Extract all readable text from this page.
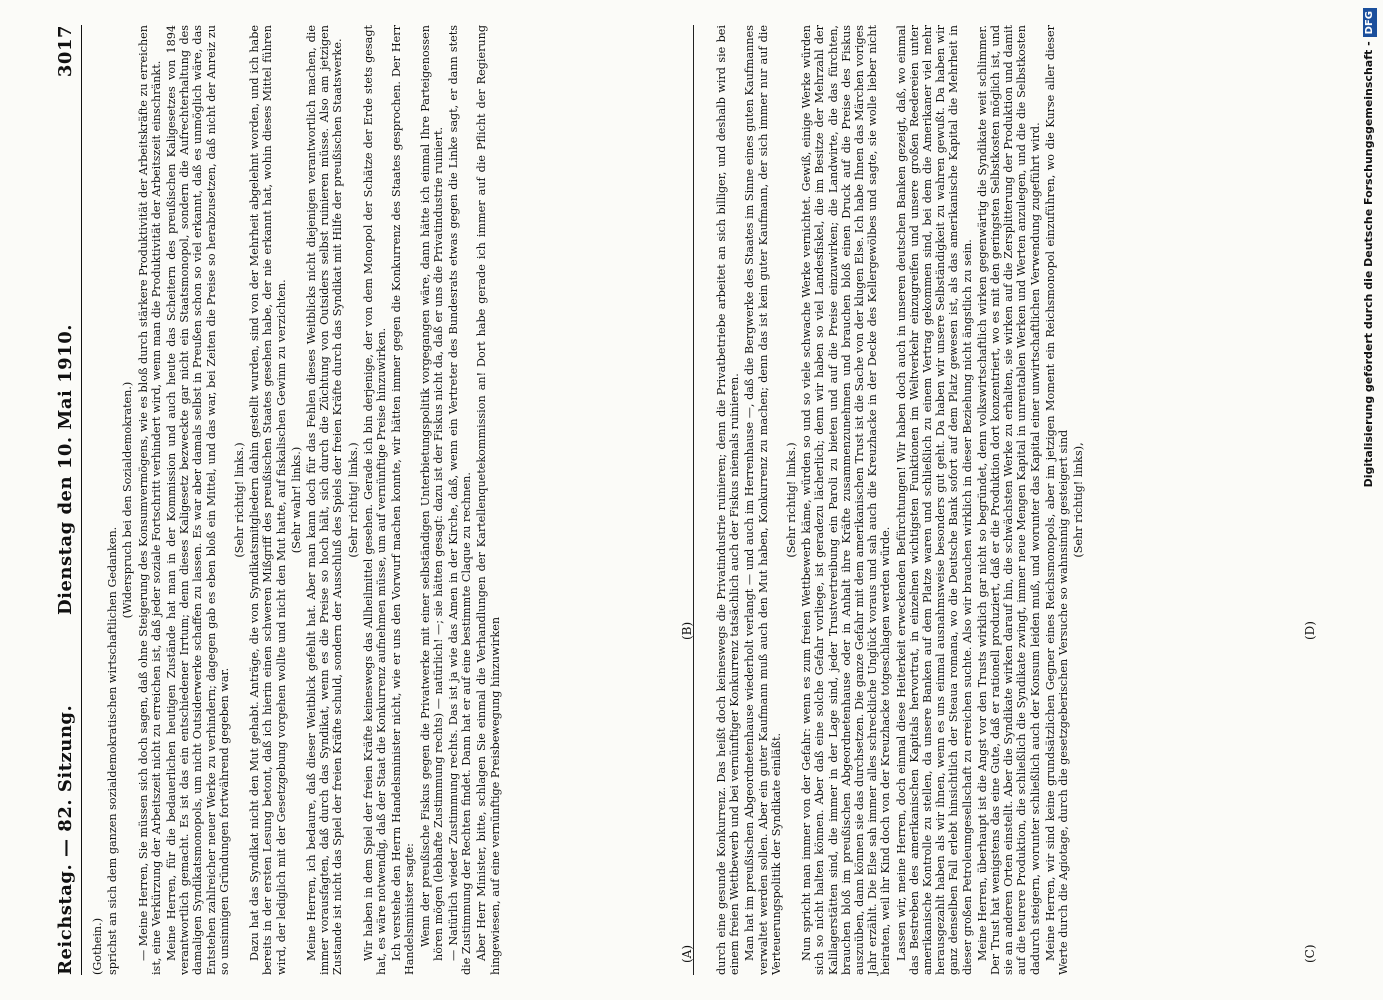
Reichstag. — 82. Sitzung.
Dienstag den 10. Mai 1910.
3017

(Gothein.) sprichst an sich dem ganzen sozialdemokratischen wirtschaftlichen Gedanken.

(Widerspruch bei den Sozialdemokraten.) — Meine Herren, Sie müssen sich doch sagen, daß ohne Steigerung des Konsumvermögens, wie es bloß durch stärkere Produktivität der Arbeitskräfte zu erreichen ist, eine Verkürzung der Arbeitszeit nicht zu erreichen ist, daß jeder soziale Fortschritt verhindert wird, wenn man die Produktivität der Arbeitszeit einschränkt. Meine Herren, für die bedauerlichen heutigen Zustände hat man in der Kommission und auch heute das Scheitern des preußischen Kaligesetzes von 1894 verantwortlich gemacht. Es ist das ein entschiedener Irrtum; denn dieses Kaligesetz bezweckte gar nicht ein Staatsmonopol, sondern die Aufrechterhaltung des damaligen Syndikatsmonopols, um nicht Outsiderwerke schaffen zu lassen. Es war aber damals selbst in Preußen schon so viel erkannt, daß es unmöglich wäre, das Entstehen zahlreicher neuer Werke zu verhindern; dagegen gab es eben bloß ein Mittel, und das war, bei Zeiten die Preise so herabzusetzen, daß nicht der Anreiz zu so unsinnigen Gründungen fortwährend gegeben war.

(Sehr richtig! links.) Dazu hat das Syndikat nicht den Mut gehabt. Anträge, die von Syndikatsmitgliedern dahin gestellt wurden, sind von der Mehrheit abgelehnt worden, und ich habe bereits in der ersten Lesung betont, daß ich hierin einen schweren Mißgriff des preußischen Staates gesehen habe, der nie erkannt hat, wohin dieses Mittel führen wird, der lediglich mit der Gesetzgebung vorgehen wollte und nicht den Mut hatte, auf fiskalischen Gewinn zu verzichten. (Sehr wahr! links.) Meine Herren, ich bedaure, daß dieser Weitblick gefehlt hat. Aber man kann doch für das Fehlen dieses Weitblicks nicht diejenigen verantwortlich machen, die immer vorausfagten, daß durch das Syndikat, wenn es die Preise so hoch hält, sich durch die Züchtung von Outsiders selbst ruinieren müsse. Also am jetzigen Zustande ist nicht das Spiel der freien Kräfte schuld, sondern der Ausschluß des Spiels der freien Kräfte durch das Syndikat mit Hilfe der preußischen Staatswerke. (Sehr richtig! links.) Wir haben in dem Spiel der freien Kräfte keineswegs das Allheilmittel gesehen. Gerade ich bin derjenige, der von dem Monopol der Schätze der Erde stets gesagt hat, es wäre notwendig, daß der Staat die Konkurrenz aufnehmen müsse, um auf vernünftige Preise hinzuwirken. Ich verstehe den Herrn Handelsminister nicht, wie er uns den Vorwurf machen konnte, wir hätten immer gegen die Konkurrenz des Staates gesprochen. Der Herr Handelsminister sagte: Wenn der preußische Fiskus gegen die Privatwerke mit einer selbständigen Unterbietungspolitik vorgegangen wäre, dann hätte ich einmal Ihre Parteigenossen hören mögen (lebhafte Zustimmung rechts) — natürlich! —; sie hätten gesagt: dazu ist der Fiskus nicht da, daß er uns die Privatindustrie ruiniert. — Natürlich wieder Zustimmung rechts. Das ist ja wie das Amen in der Kirche, daß, wenn ein Vertreter des Bundesrats etwas gegen die Linke sagt, er dann stets die Zustimmung der Rechten findet. Dann hat er auf eine bestimmte Claque zu rechnen. Aber Herr Minister, bitte, schlagen Sie einmal die Verhandlungen der Kartellenquetekommission an! Dort habe gerade ich immer auf die Pflicht der Regierung hingewiesen, auf eine vernünftige Preisbewegung hinzuwirken	durch eine gesunde Konkurrenz. Das heißt doch keineswegs die Privatindustrie ruinieren; denn die Privatbetriebe arbeitet an sich billiger, und deshalb wird sie bei einem freien Wettbewerb und bei vernünftiger Konkurrenz tatsächlich auch der Fiskus niemals ruinieren. Man hat im preußischen Abgeordnetenhause wiederholt verlangt — und auch im Herrenhause —, daß die Bergwerke des Staates im Sinne eines guten Kaufmannes verwaltet werden sollen. Aber ein guter Kaufmann muß auch den Mut haben, Konkurrenz zu machen; denn das ist kein guter Kaufmann, der sich immer nur auf die Verteuerungspolitik der Syndikate einläßt.

(Sehr richtig! links.) Nun spricht man immer von der Gefahr: wenn es zum freien Wettbewerb käme, würden so und so viele schwache Werke vernichtet. Gewiß, einige Werke würden sich so nicht halten können. Aber daß eine solche Gefahr vorliege, ist geradezu lächerlich; denn wir haben so viel Landesfiskel, die im Besitze der Mehrzahl der Kalilagerstätten sind, die immer in der Lage sind, jeder Trustvertreibung ein Paroli zu bieten und auf die Preise einzuwirken; die Landwirte, die das fürchten, brauchen bloß im preußischen Abgeordnetenhause oder in Anhalt ihre Kräfte zusammenzunehmen und brauchen bloß einen Druck auf die Preise des Fiskus auszuüben, dann können sie das durchsetzen. Die ganze Gefahr mit dem amerikanischen Trust ist die Sache von der klugen Else. Ich habe Ihnen das Märchen voriges Jahr erzählt. Die Else sah immer alles schreckliche Unglück voraus und sah auch die Kreuzhacke in der Decke des Kellergewölbes und sagte, sie wolle lieber nicht heiraten, weil ihr Kind doch von der Kreuzhacke totgeschlagen werden würde. Lassen wir, meine Herren, doch einmal diese Heiterkeit erweckenden Befürchtungen! Wir haben doch auch in unseren deutschen Banken gezeigt, daß, wo einmal das Bestreben des amerikanischen Kapitals hervortrat, in einzelnen wichtigsten Funktionen im Weltverkehr einzugreifen und unsere großen Reedereien unter amerikanische Kontrolle zu stellen, da unsere Banken auf dem Platze waren und schließlich zu einem Vertrag gekommen sind, bei dem die Amerikaner viel mehr herausgezahlt haben als wir ihnen, wenn es uns einmal ausnahmsweise besonders gut geht. Da haben wir unsere Selbständigkeit zu wahren gewußt. Da haben wir ganz denselben Fall erlebt hinsichtlich der Steaua romana, wo die Deutsche Bank sofort auf dem Platz gewesen ist, als das amerikanische Kapital die Mehrheit in dieser großen Petroleumgesellschaft zu erreichen suchte. Also wir brauchen wirklich in dieser Beziehung nicht ängstlich zu sein. Meine Herren, überhaupt ist die Angst vor den Trusts wirklich gar nicht so begründet, denn volkswirtschaftlich wirken gegenwärtig die Syndikate weit schlimmer. Der Trust hat wenigstens das eine Gute, daß er rationell produziert, daß er die Produktion dort konzentriert, wo es mit den geringsten Selbstkosten möglich ist, und sie an anderen Orten einstellt. Aber die Syndikate wirken darauf hin, die schwächsten Werke zu erhalten, sie wirken auf die Zersplitterung der Produktion und damit auf die teurere Produktion, die schließlich die Syndikate zwingt, immer neue Mengen Kapital in unrentablen Werken und Werten anzulegen, und die die Selbstkosten dadurch steigern, worunter schließlich auch der Konsum leiden muß, und worunter das Kapital einer unwirtschaftlichen Verwendung zugeführt wird. Meine Herren, wir sind keine grundsätzlichen Gegner eines Reichsmonopols, aber im jetzigen Moment ein Reichsmonopol einzuführen, wo die Kurse aller dieser Werte durch die Agiotage, durch die gesetzgeberischen Versuche so wahnsinnig gesteigert sind (Sehr richtig! links),

(A)
(B)
(C)
(D)
Digitalisierung gefördert durch die Deutsche Forschungsgemeinschaft -DFG
